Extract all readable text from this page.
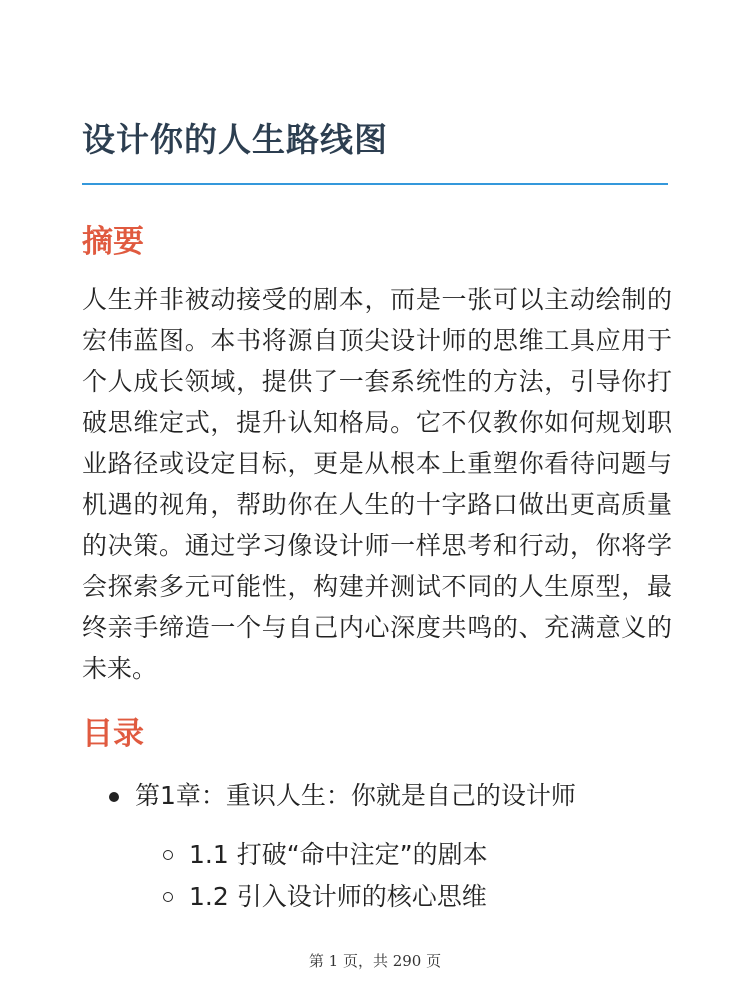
设计你的人生路线图
摘要

人生并非被动接受的剧本，而是一张可以主动绘制的宏伟蓝图。本书将源自顶尖设计师的思维工具应用于个人成长领域，提供了一套系统性的方法，引导你打破思维定式，提升认知格局。它不仅教你如何规划职业路径或设定目标，更是从根本上重塑你看待问题与机遇的视角，帮助你在人生的十字路口做出更高质量的决策。通过学习像设计师一样思考和行动，你将学会探索多元可能性，构建并测试不同的人生原型，最终亲手缔造一个与自己内心深度共鸣的、充满意义的未来。

目录

第1章：重识人生：你就是自己的设计师

1.1 打破“命中注定”的剧本

1.2 引入设计师的核心思维

第 1 页，共 290 页
